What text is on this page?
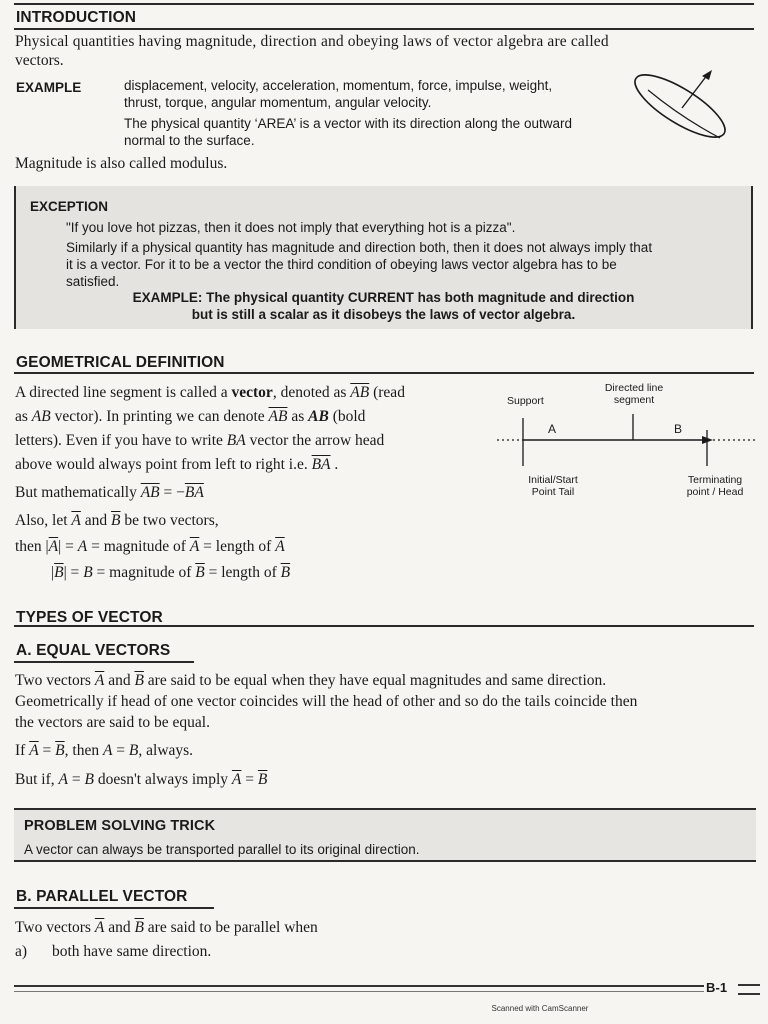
INTRODUCTION
Physical quantities having magnitude, direction and obeying laws of vector algebra are called
vectors.
EXAMPLE	displacement, velocity, acceleration, momentum, force, impulse, weight,
thrust, torque, angular momentum, angular velocity.
The physical quantity ‘AREA’ is a vector with its direction along the outward
normal to the surface.
Magnitude is also called modulus.
EXCEPTION
"If you love hot pizzas, then it does not imply that everything hot is a pizza".
Similarly if a physical quantity has magnitude and direction both, then it does not always imply that
it is a vector. For it to be a vector the third condition of obeying laws vector algebra has to be
satisfied.
EXAMPLE: The physical quantity CURRENT has both magnitude and direction
but is still a scalar as it disobeys the laws of vector algebra.
GEOMETRICAL DEFINITION
A directed line segment is called a vector, denoted as $\overline{AB}$ (read
as AB vector). In printing we can denote $\overline{AB}$ as AB (bold
letters). Even if you have to write BA vector the arrow head
above would always point from left to right i.e. $\overline{BA}$ .
But mathematically $\overline{AB} = -\overline{BA}$
Also, let $\overline{A}$ and $\overline{B}$ be two vectors,
then $|\overline{A}| = A$ = magnitude of $\overline{A}$ = length of $\overline{A}$
$|\overline{B}| = B$ = magnitude of $\overline{B}$ = length of $\overline{B}$
Support
Directed line
segment
A	B
Initial/Start
Point Tail
Terminating
point / Head
TYPES OF VECTOR
A. EQUAL VECTORS
Two vectors $\overline{A}$ and $\overline{B}$ are said to be equal when they have equal magnitudes and same direction.
Geometrically if head of one vector coincides will the head of other and so do the tails coincide then
the vectors are said to be equal.
If $\overline{A} = \overline{B}$, then A = B, always.
But if, A = B doesn't always imply $\overline{A} = \overline{B}$
PROBLEM SOLVING TRICK
A vector can always be transported parallel to its original direction.
B. PARALLEL VECTOR
Two vectors $\overline{A}$ and $\overline{B}$ are said to be parallel when
a) both have same direction.
B-1
Scanned with CamScanner
